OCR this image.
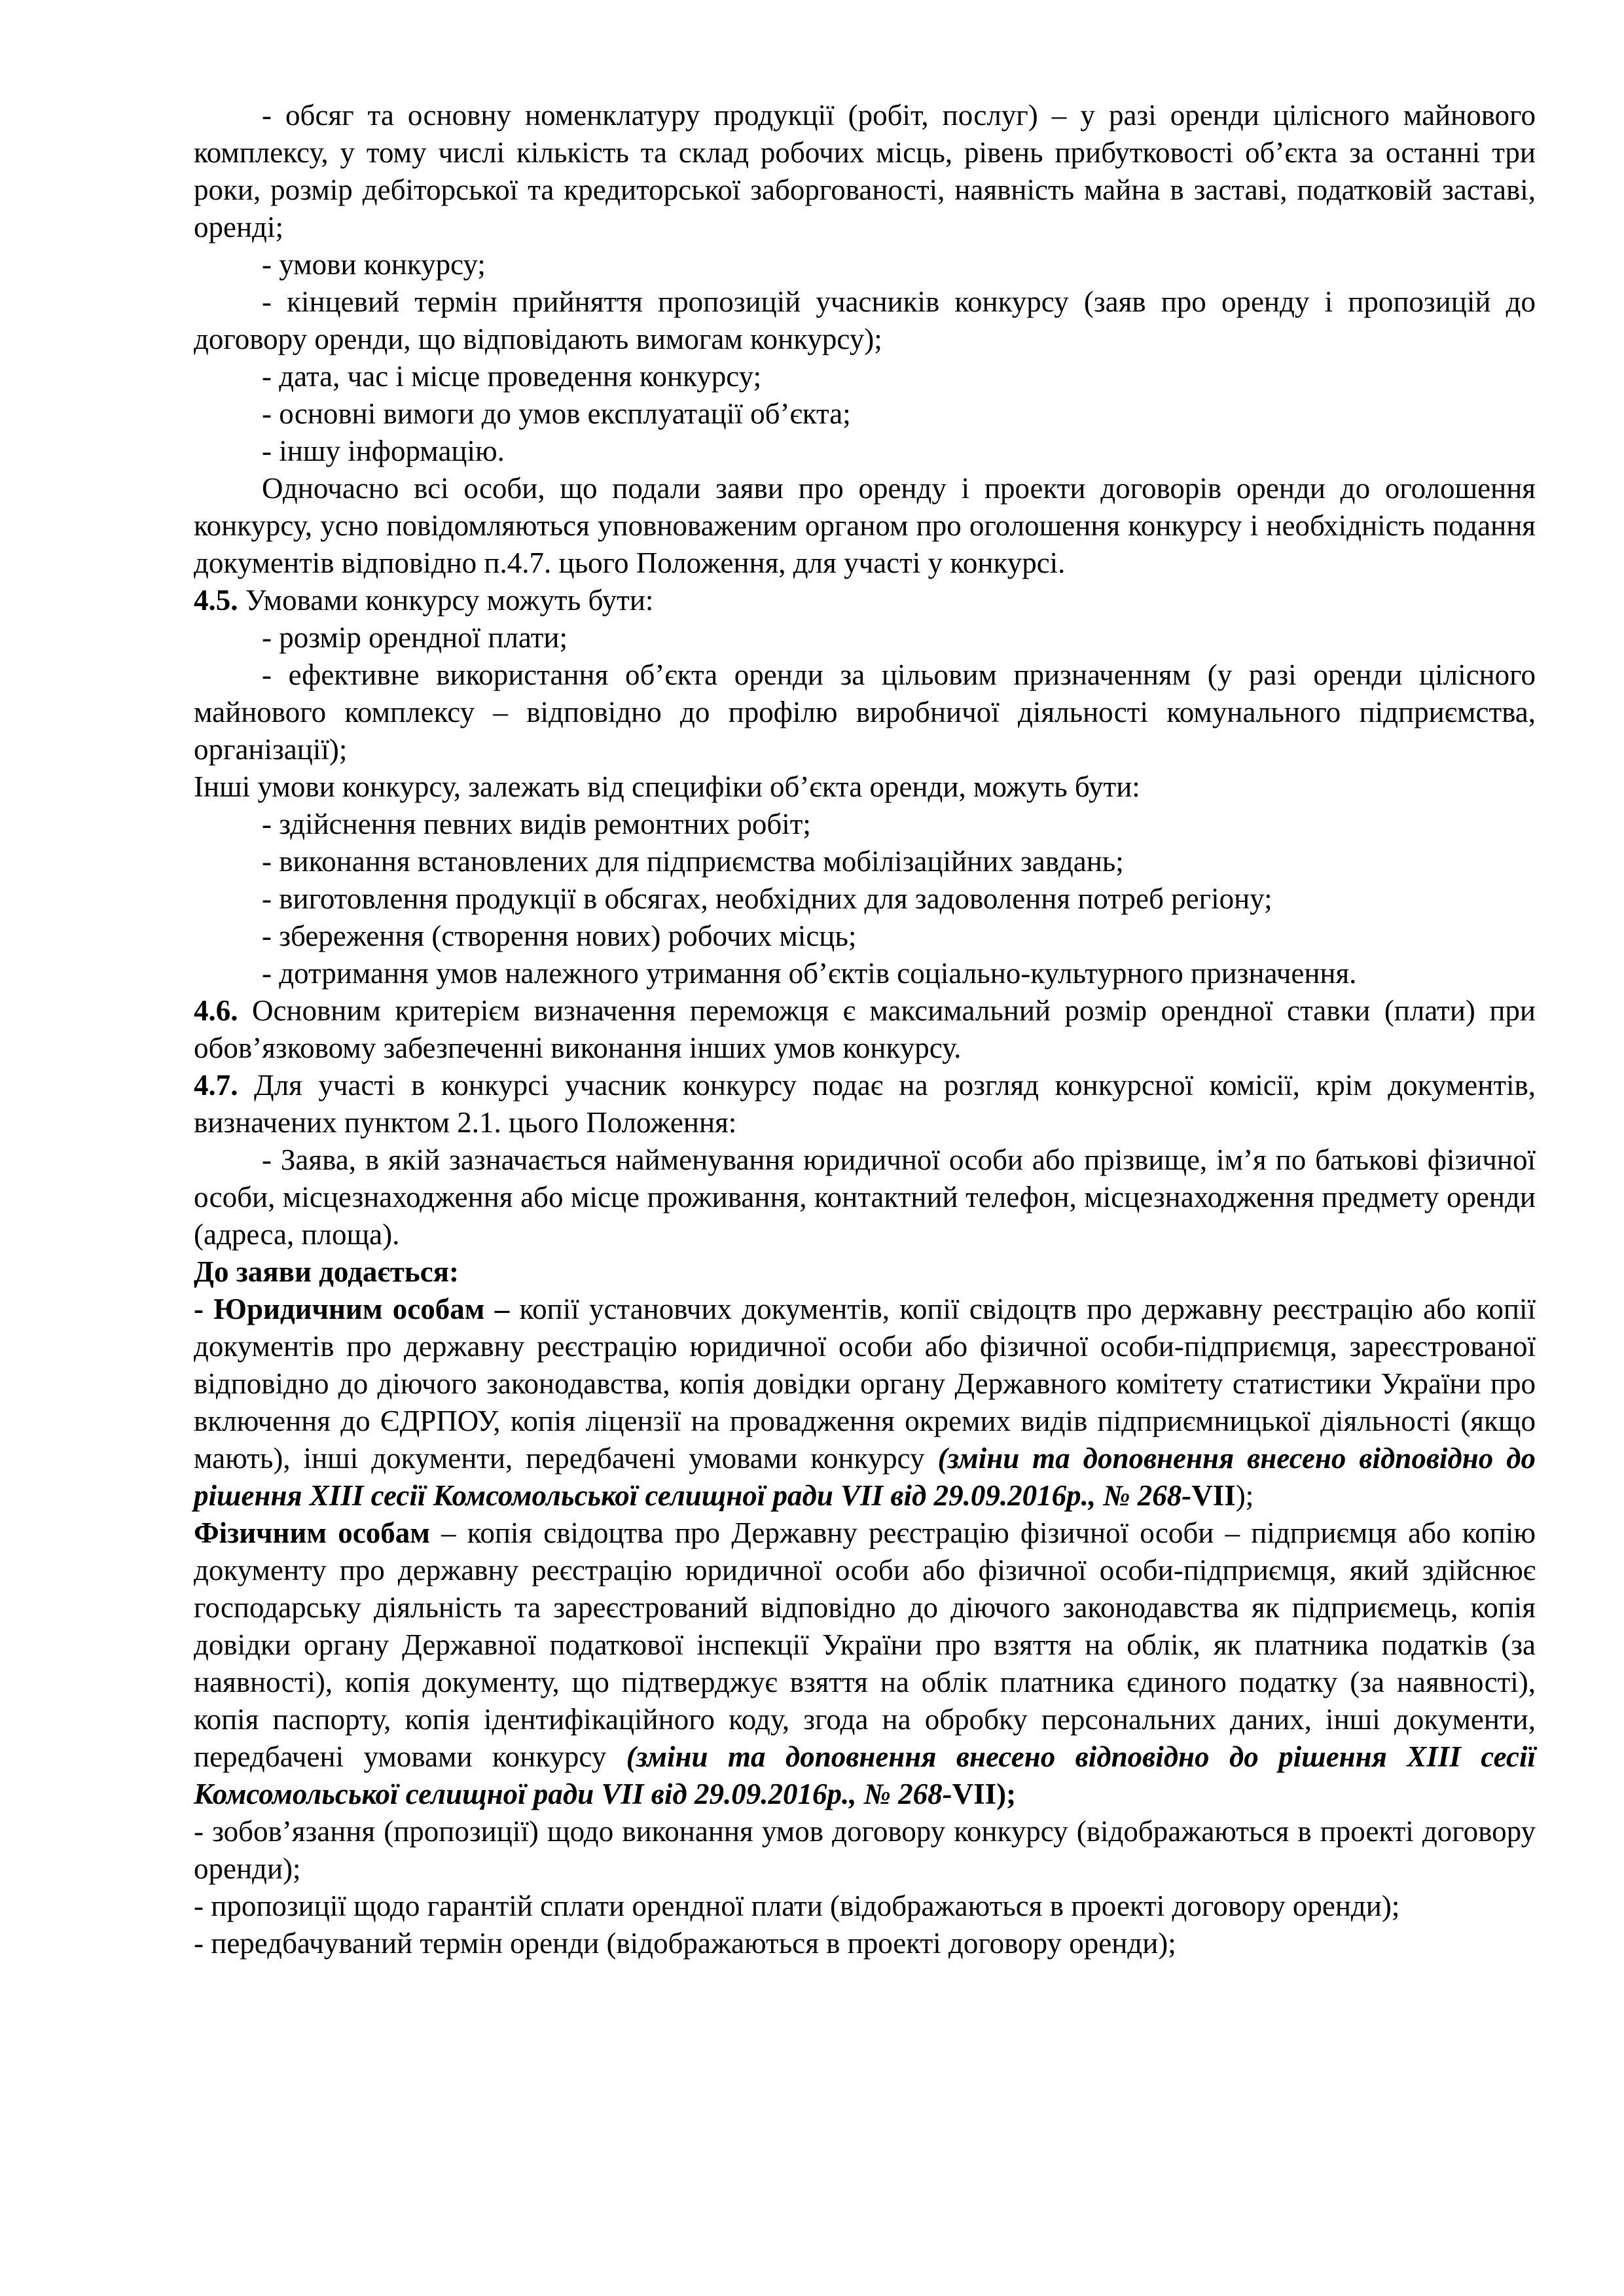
- обсяг та основну номенклатуру продукції (робіт, послуг) – у разі оренди цілісного майнового комплексу, у тому числі кількість та склад робочих місць, рівень прибутковості об’єкта за останні три роки, розмір дебіторської та кредиторської заборгованості, наявність майна в заставі, податковій заставі, оренді;

- умови конкурсу;

- кінцевий термін прийняття пропозицій учасників конкурсу (заяв про оренду і пропозицій до договору оренди, що відповідають вимогам конкурсу);

- дата, час і місце проведення конкурсу;

- основні вимоги до умов експлуатації об’єкта;

- іншу інформацію.

Одночасно всі особи, що подали заяви про оренду і проекти договорів оренди до оголошення конкурсу, усно повідомляються уповноваженим органом про оголошення конкурсу і необхідність подання документів відповідно п.4.7. цього Положення, для участі у конкурсі.

4.5. Умовами конкурсу можуть бути:

- розмір орендної плати;

- ефективне використання об’єкта оренди за цільовим призначенням (у разі оренди цілісного майнового комплексу – відповідно до профілю виробничої діяльності комунального підприємства, організації);

Інші умови конкурсу, залежать від специфіки об’єкта оренди, можуть бути:

- здійснення певних видів ремонтних робіт;

- виконання встановлених для підприємства мобілізаційних завдань;

- виготовлення продукції в обсягах, необхідних для задоволення потреб регіону;

- збереження (створення нових) робочих місць;

- дотримання умов належного утримання об’єктів соціально-культурного призначення.

4.6. Основним критерієм визначення переможця є максимальний розмір орендної ставки (плати) при обов’язковому забезпеченні виконання інших умов конкурсу.

4.7. Для участі в конкурсі учасник конкурсу подає на розгляд конкурсної комісії, крім документів, визначених пунктом 2.1. цього Положення:

- Заява, в якій зазначається найменування юридичної особи або прізвище, ім’я по батькові фізичної особи, місцезнаходження або місце проживання, контактний телефон, місцезнаходження предмету оренди (адреса, площа).

До заяви додається:

- Юридичним особам – копії установчих документів, копії свідоцтв про державну реєстрацію або копії документів про державну реєстрацію юридичної особи або фізичної особи-підприємця, зареєстрованої відповідно до діючого законодавства, копія довідки органу Державного комітету статистики України про включення до ЄДРПОУ, копія ліцензії на провадження окремих видів підприємницької діяльності (якщо мають), інші документи, передбачені умовами конкурсу (зміни та доповнення внесено відповідно до рішення ХІІІ сесії Комсомольської селищної ради VII від 29.09.2016р., № 268-VII);

Фізичним особам – копія свідоцтва про Державну реєстрацію фізичної особи – підприємця або копію документу про державну реєстрацію юридичної особи або фізичної особи-підприємця, який здійснює господарську діяльність та зареєстрований відповідно до діючого законодавства як підприємець, копія довідки органу Державної податкової інспекції України про взяття на облік, як платника податків (за наявності), копія документу, що підтверджує взяття на облік платника єдиного податку (за наявності), копія паспорту, копія ідентифікаційного коду, згода на обробку персональних даних, інші документи, передбачені умовами конкурсу (зміни та доповнення внесено відповідно до рішення ХІІІ сесії Комсомольської селищної ради VII від 29.09.2016р., № 268-VII);

- зобов’язання (пропозиції) щодо виконання умов договору конкурсу (відображаються в проекті договору оренди);

- пропозиції щодо гарантій сплати орендної плати (відображаються в проекті договору оренди);

- передбачуваний термін оренди (відображаються в проекті договору оренди);
